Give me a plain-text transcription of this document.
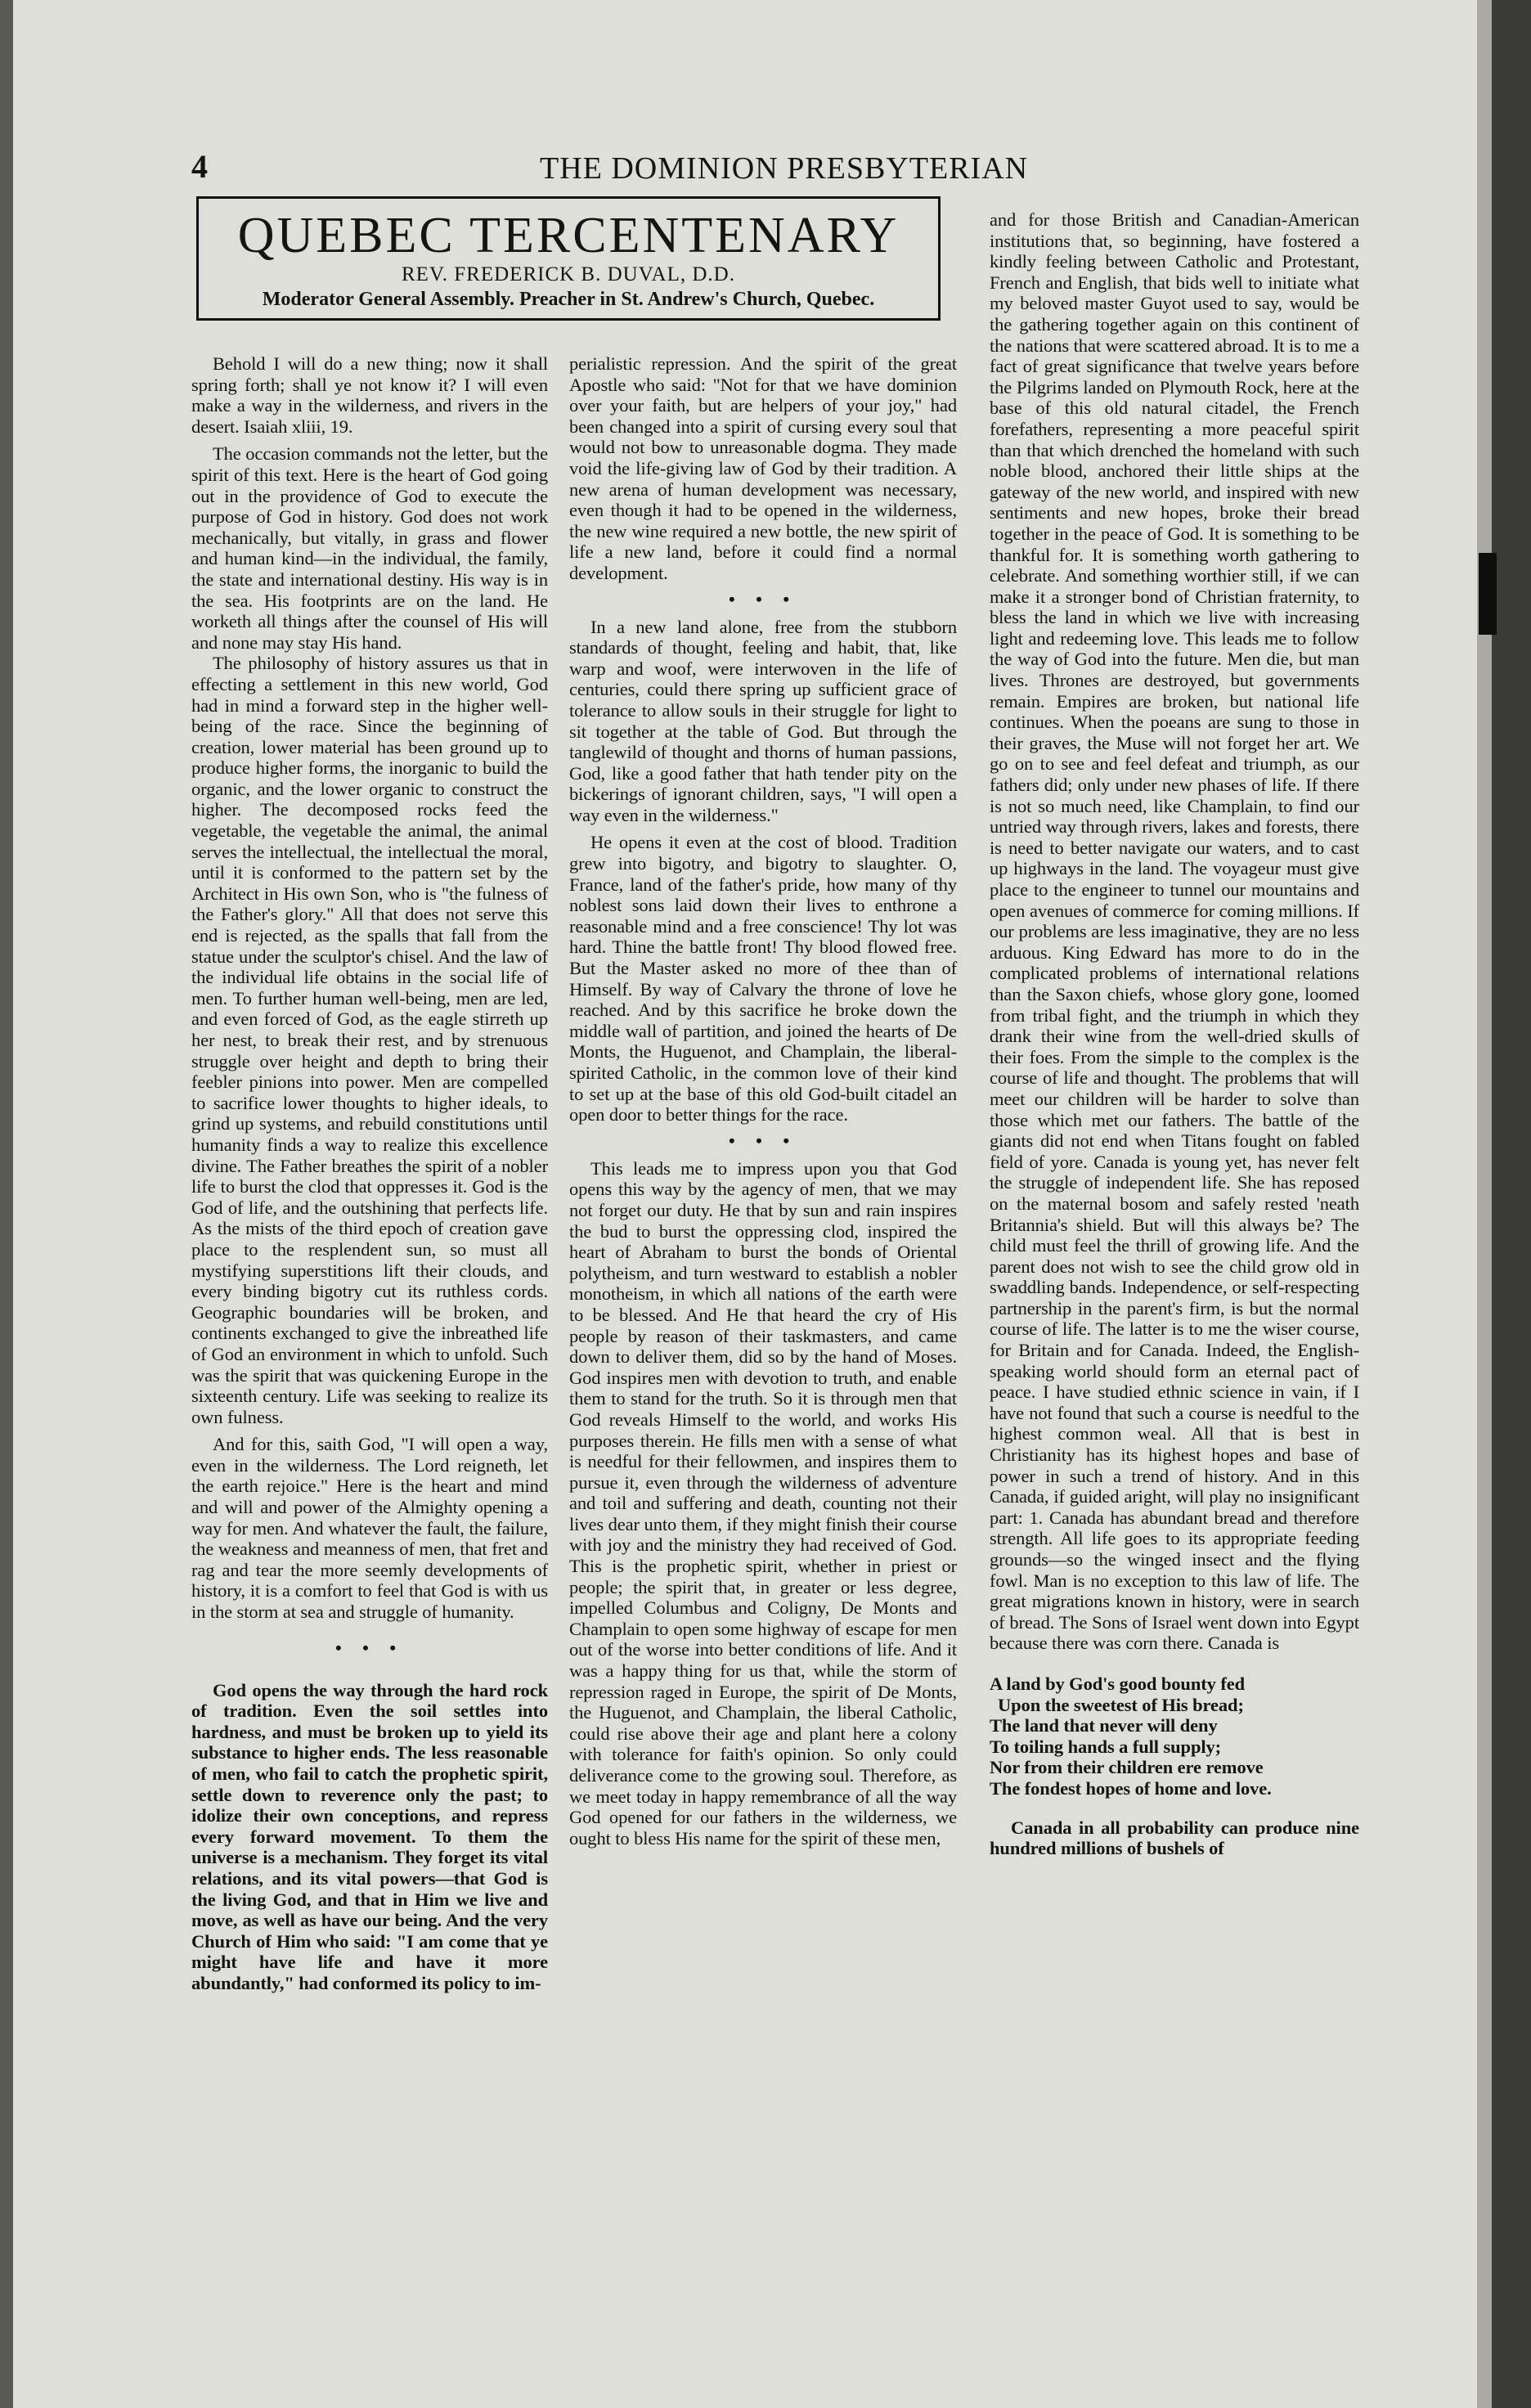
4	THE DOMINION PRESBYTERIAN
QUEBEC TERCENTENARY
REV. FREDERICK B. DUVAL, D.D.
Moderator General Assembly. Preacher in St. Andrew's Church, Quebec.

Behold I will do a new thing; now it shall spring forth; shall ye not know it? I will even make a way in the wilderness, and rivers in the desert. Isaiah xliii, 19.

The occasion commands not the letter, but the spirit of this text. Here is the heart of God going out in the providence of God to execute the purpose of God in history. God does not work mechanically, but vitally, in grass and flower and human kind—in the individual, the family, the state and international destiny. His way is in the sea. His footprints are on the land. He worketh all things after the counsel of His will and none may stay His hand.

The philosophy of history assures us that in effecting a settlement in this new world, God had in mind a forward step in the higher well-being of the race. Since the beginning of creation, lower material has been ground up to produce higher forms, the inorganic to build the organic, and the lower organic to construct the higher. The decomposed rocks feed the vegetable, the vegetable the animal, the animal serves the intellectual, the intellectual the moral, until it is conformed to the pattern set by the Architect in His own Son, who is "the fulness of the Father's glory." All that does not serve this end is rejected, as the spalls that fall from the statue under the sculptor's chisel. And the law of the individual life obtains in the social life of men. To further human well-being, men are led, and even forced of God, as the eagle stirreth up her nest, to break their rest, and by strenuous struggle over height and depth to bring their feebler pinions into power. Men are compelled to sacrifice lower thoughts to higher ideals, to grind up systems, and rebuild constitutions until humanity finds a way to realize this excellence divine. The Father breathes the spirit of a nobler life to burst the clod that oppresses it. God is the God of life, and the outshining that perfects life. As the mists of the third epoch of creation gave place to the resplendent sun, so must all mystifying superstitions lift their clouds, and every binding bigotry cut its ruthless cords. Geographic boundaries will be broken, and continents exchanged to give the inbreathed life of God an environment in which to unfold. Such was the spirit that was quickening Europe in the sixteenth century. Life was seeking to realize its own fulness.

And for this, saith God, "I will open a way, even in the wilderness. The Lord reigneth, let the earth rejoice." Here is the heart and mind and will and power of the Almighty opening a way for men. And whatever the fault, the failure, the weakness and meanness of men, that fret and rag and tear the more seemly developments of history, it is a comfort to feel that God is with us in the storm at sea and struggle of humanity.

• • •

God opens the way through the hard rock of tradition. Even the soil settles into hardness, and must be broken up to yield its substance to higher ends. The less reasonable of men, who fail to catch the prophetic spirit, settle down to reverence only the past; to idolize their own conceptions, and repress every forward movement. To them the universe is a mechanism. They forget its vital relations, and its vital powers—that God is the living God, and that in Him we live and move, as well as have our being. And the very Church of Him who said: "I am come that ye might have life and have it more abundantly," had conformed its policy to im-

perialistic repression. And the spirit of the great Apostle who said: "Not for that we have dominion over your faith, but are helpers of your joy," had been changed into a spirit of cursing every soul that would not bow to unreasonable dogma. They made void the life-giving law of God by their tradition. A new arena of human development was necessary, even though it had to be opened in the wilderness, the new wine required a new bottle, the new spirit of life a new land, before it could find a normal development.

• • •

In a new land alone, free from the stubborn standards of thought, feeling and habit, that, like warp and woof, were interwoven in the life of centuries, could there spring up sufficient grace of tolerance to allow souls in their struggle for light to sit together at the table of God. But through the tanglewild of thought and thorns of human passions, God, like a good father that hath tender pity on the bickerings of ignorant children, says, "I will open a way even in the wilderness."

He opens it even at the cost of blood. Tradition grew into bigotry, and bigotry to slaughter. O, France, land of the father's pride, how many of thy noblest sons laid down their lives to enthrone a reasonable mind and a free conscience! Thy lot was hard. Thine the battle front! Thy blood flowed free. But the Master asked no more of thee than of Himself. By way of Calvary the throne of love he reached. And by this sacrifice he broke down the middle wall of partition, and joined the hearts of De Monts, the Huguenot, and Champlain, the liberal-spirited Catholic, in the common love of their kind to set up at the base of this old God-built citadel an open door to better things for the race.

• • •

This leads me to impress upon you that God opens this way by the agency of men, that we may not forget our duty. He that by sun and rain inspires the bud to burst the oppressing clod, inspired the heart of Abraham to burst the bonds of Oriental polytheism, and turn westward to establish a nobler monotheism, in which all nations of the earth were to be blessed. And He that heard the cry of His people by reason of their taskmasters, and came down to deliver them, did so by the hand of Moses. God inspires men with devotion to truth, and enable them to stand for the truth. So it is through men that God reveals Himself to the world, and works His purposes therein. He fills men with a sense of what is needful for their fellowmen, and inspires them to pursue it, even through the wilderness of adventure and toil and suffering and death, counting not their lives dear unto them, if they might finish their course with joy and the ministry they had received of God. This is the prophetic spirit, whether in priest or people; the spirit that, in greater or less degree, impelled Columbus and Coligny, De Monts and Champlain to open some highway of escape for men out of the worse into better conditions of life. And it was a happy thing for us that, while the storm of repression raged in Europe, the spirit of De Monts, the Huguenot, and Champlain, the liberal Catholic, could rise above their age and plant here a colony with tolerance for faith's opinion. So only could deliverance come to the growing soul. Therefore, as we meet today in happy remembrance of all the way God opened for our fathers in the wilderness, we ought to bless His name for the spirit of these men,

and for those British and Canadian-American institutions that, so beginning, have fostered a kindly feeling between Catholic and Protestant, French and English, that bids well to initiate what my beloved master Guyot used to say, would be the gathering together again on this continent of the nations that were scattered abroad. It is to me a fact of great significance that twelve years before the Pilgrims landed on Plymouth Rock, here at the base of this old natural citadel, the French forefathers, representing a more peaceful spirit than that which drenched the homeland with such noble blood, anchored their little ships at the gateway of the new world, and inspired with new sentiments and new hopes, broke their bread together in the peace of God. It is something to be thankful for. It is something worth gathering to celebrate. And something worthier still, if we can make it a stronger bond of Christian fraternity, to bless the land in which we live with increasing light and redeeming love. This leads me to follow the way of God into the future. Men die, but man lives. Thrones are destroyed, but governments remain. Empires are broken, but national life continues. When the poeans are sung to those in their graves, the Muse will not forget her art. We go on to see and feel defeat and triumph, as our fathers did; only under new phases of life. If there is not so much need, like Champlain, to find our untried way through rivers, lakes and forests, there is need to better navigate our waters, and to cast up highways in the land. The voyageur must give place to the engineer to tunnel our mountains and open avenues of commerce for coming millions. If our problems are less imaginative, they are no less arduous. King Edward has more to do in the complicated problems of international relations than the Saxon chiefs, whose glory gone, loomed from tribal fight, and the triumph in which they drank their wine from the well-dried skulls of their foes. From the simple to the complex is the course of life and thought. The problems that will meet our children will be harder to solve than those which met our fathers. The battle of the giants did not end when Titans fought on fabled field of yore. Canada is young yet, has never felt the struggle of independent life. She has reposed on the maternal bosom and safely rested 'neath Britannia's shield. But will this always be? The child must feel the thrill of growing life. And the parent does not wish to see the child grow old in swaddling bands. Independence, or self-respecting partnership in the parent's firm, is but the normal course of life. The latter is to me the wiser course, for Britain and for Canada. Indeed, the English-speaking world should form an eternal pact of peace. I have studied ethnic science in vain, if I have not found that such a course is needful to the highest common weal. All that is best in Christianity has its highest hopes and base of power in such a trend of history. And in this Canada, if guided aright, will play no insignificant part: 1. Canada has abundant bread and therefore strength. All life goes to its appropriate feeding grounds—so the winged insect and the flying fowl. Man is no exception to this law of life. The great migrations known in history, were in search of bread. The Sons of Israel went down into Egypt because there was corn there. Canada is

A land by God's good bounty fed
Upon the sweetest of His bread;
The land that never will deny
To toiling hands a full supply;
Nor from their children ere remove
The fondest hopes of home and love.

Canada in all probability can produce nine hundred millions of bushels of
